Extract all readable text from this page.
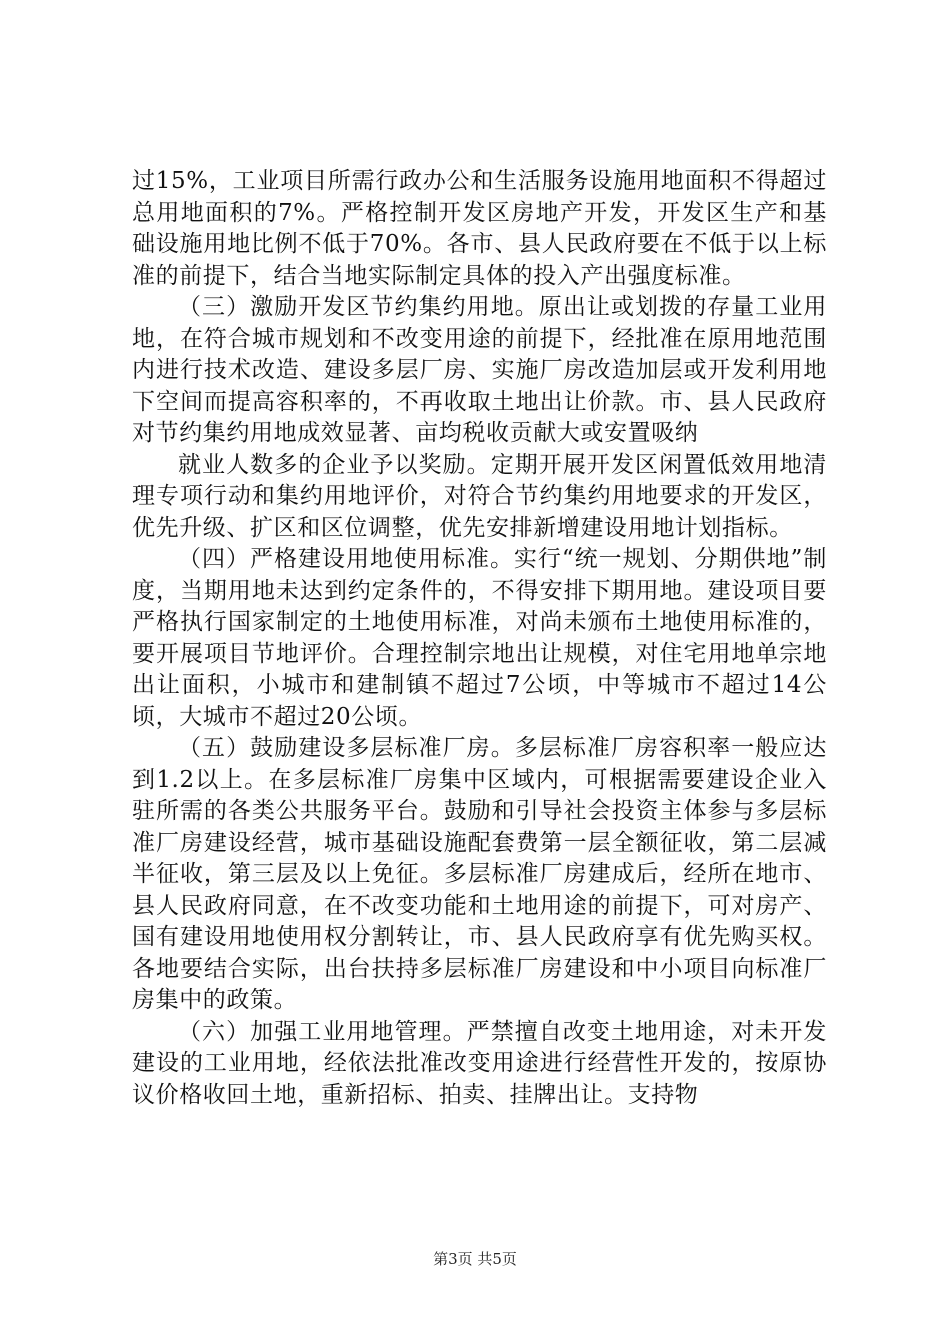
过15%，工业项目所需行政办公和生活服务设施用地面积不得超过总用地面积的7%。严格控制开发区房地产开发，开发区生产和基础设施用地比例不低于70%。各市、县人民政府要在不低于以上标准的前提下，结合当地实际制定具体的投入产出强度标准。

（三）激励开发区节约集约用地。原出让或划拨的存量工业用地，在符合城市规划和不改变用途的前提下，经批准在原用地范围内进行技术改造、建设多层厂房、实施厂房改造加层或开发利用地下空间而提高容积率的，不再收取土地出让价款。市、县人民政府对节约集约用地成效显著、亩均税收贡献大或安置吸纳

就业人数多的企业予以奖励。定期开展开发区闲置低效用地清理专项行动和集约用地评价，对符合节约集约用地要求的开发区，优先升级、扩区和区位调整，优先安排新增建设用地计划指标。

（四）严格建设用地使用标准。实行“统一规划、分期供地”制度，当期用地未达到约定条件的，不得安排下期用地。建设项目要严格执行国家制定的土地使用标准，对尚未颁布土地使用标准的，要开展项目节地评价。合理控制宗地出让规模，对住宅用地单宗地出让面积，小城市和建制镇不超过7公顷，中等城市不超过14公顷，大城市不超过20公顷。

（五）鼓励建设多层标准厂房。多层标准厂房容积率一般应达到1.2以上。在多层标准厂房集中区域内，可根据需要建设企业入驻所需的各类公共服务平台。鼓励和引导社会投资主体参与多层标准厂房建设经营，城市基础设施配套费第一层全额征收，第二层减半征收，第三层及以上免征。多层标准厂房建成后，经所在地市、县人民政府同意，在不改变功能和土地用途的前提下，可对房产、国有建设用地使用权分割转让，市、县人民政府享有优先购买权。各地要结合实际，出台扶持多层标准厂房建设和中小项目向标准厂房集中的政策。

（六）加强工业用地管理。严禁擅自改变土地用途，对未开发建设的工业用地，经依法批准改变用途进行经营性开发的，按原协议价格收回土地，重新招标、拍卖、挂牌出让。支持物

第3页 共5页
